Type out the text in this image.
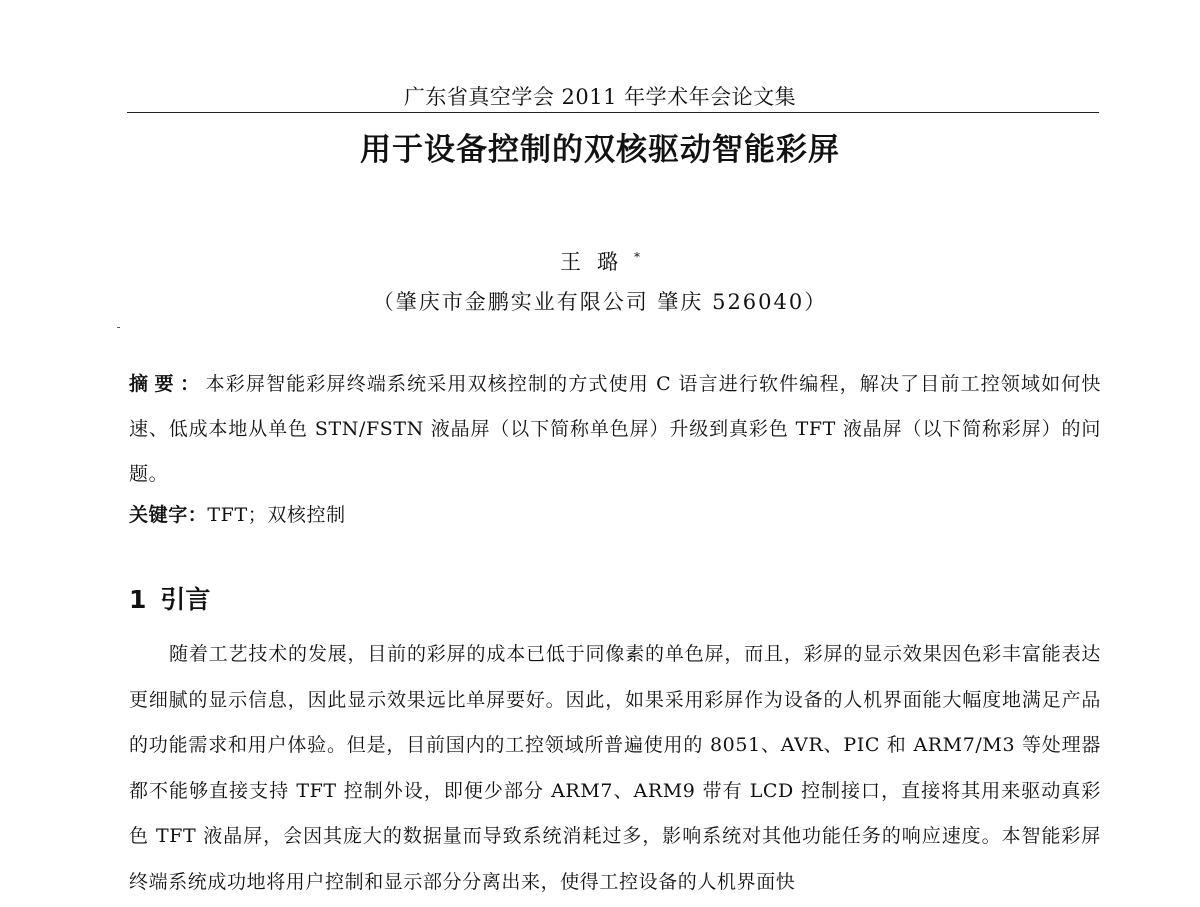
广东省真空学会 2011 年学术年会论文集
用于设备控制的双核驱动智能彩屏
王璐*
（肇庆市金鹏实业有限公司 肇庆 526040）
摘要：本彩屏智能彩屏终端系统采用双核控制的方式使用 C 语言进行软件编程，解决了目前工控领域如何快速、低成本地从单色 STN/FSTN 液晶屏（以下简称单色屏）升级到真彩色 TFT 液晶屏（以下简称彩屏）的问题。
关键字：TFT；双核控制
1 引言
随着工艺技术的发展，目前的彩屏的成本已低于同像素的单色屏，而且，彩屏的显示效果因色彩丰富能表达更细腻的显示信息，因此显示效果远比单屏要好。因此，如果采用彩屏作为设备的人机界面能大幅度地满足产品的功能需求和用户体验。但是，目前国内的工控领域所普遍使用的 8051、AVR、PIC 和 ARM7/M3 等处理器都不能够直接支持 TFT 控制外设，即便少部分 ARM7、ARM9 带有 LCD 控制接口，直接将其用来驱动真彩色 TFT 液晶屏，会因其庞大的数据量而导致系统消耗过多，影响系统对其他功能任务的响应速度。本智能彩屏终端系统成功地将用户控制和显示部分分离出来，使得工控设备的人机界面快
